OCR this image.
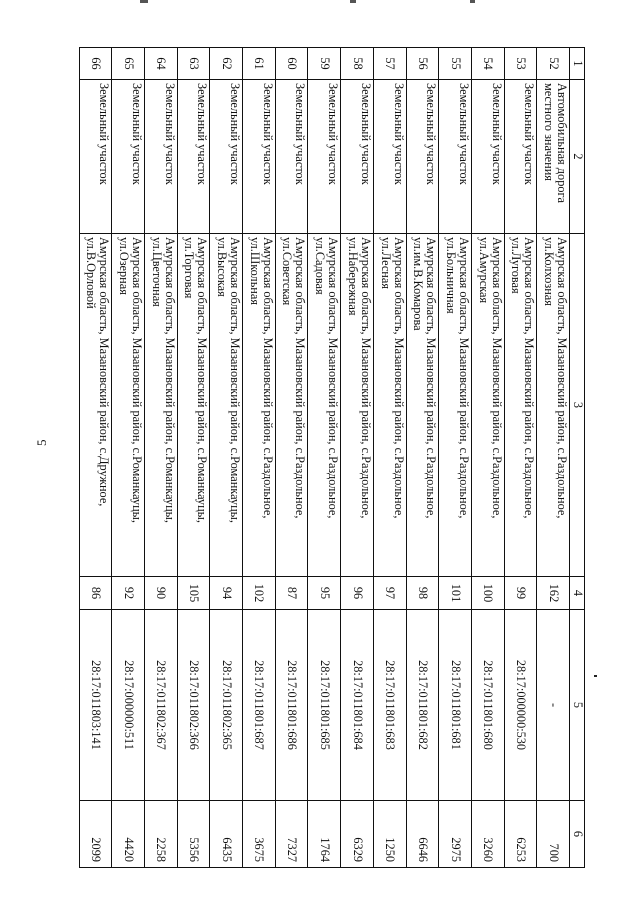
5
1	2	3	4	5	6
52	Автомобильная дорога местного значения	Амурская область, Мазановский район, с.Раздольное, ул.Колхозная	162	-	700
53	Земельный участок	Амурская область, Мазановский район, с.Раздольное, ул.Луговая	99	28:17:000000:530	6253
54	Земельный участок	Амурская область, Мазановский район, с.Раздольное, ул.Амурская	100	28:17:011801:680	3260
55	Земельный участок	Амурская область, Мазановский район, с.Раздольное, ул.Больничная	101	28:17:011801:681	2975
56	Земельный участок	Амурская область, Мазановский район, с.Раздольное, ул.им.В.Комарова	98	28:17:011801:682	6646
57	Земельный участок	Амурская область, Мазановский район, с.Раздольное, ул.Лесная	97	28:17:011801:683	1250
58	Земельный участок	Амурская область, Мазановский район, с.Раздольное, ул.Набережная	96	28:17:011801:684	6329
59	Земельный участок	Амурская область, Мазановский район, с.Раздольное, ул.Садовая	95	28:17:011801:685	1764
60	Земельный участок	Амурская область, Мазановский район, с.Раздольное, ул.Советская	87	28:17:011801:686	7327
61	Земельный участок	Амурская область, Мазановский район, с.Раздольное, ул.Школьная	102	28:17:011801:687	3675
62	Земельный участок	Амурская область, Мазановский район, с.Романкауцы, ул.Высокая	94	28:17:011802:365	6435
63	Земельный участок	Амурская область, Мазановский район, с.Романкауцы, ул.Торговая	105	28:17:011802:366	5356
64	Земельный участок	Амурская область, Мазановский район, с.Романкауцы, ул.Цветочная	90	28:17:011802:367	2258
65	Земельный участок	Амурская область, Мазановский район, с.Романкауцы, ул.Озерная	92	28:17:000000:511	4420
66	Земельный участок	Амурская область, Мазановский район, с.Дружное, ул.В.Орловой	86	28:17:011803:141	2099
